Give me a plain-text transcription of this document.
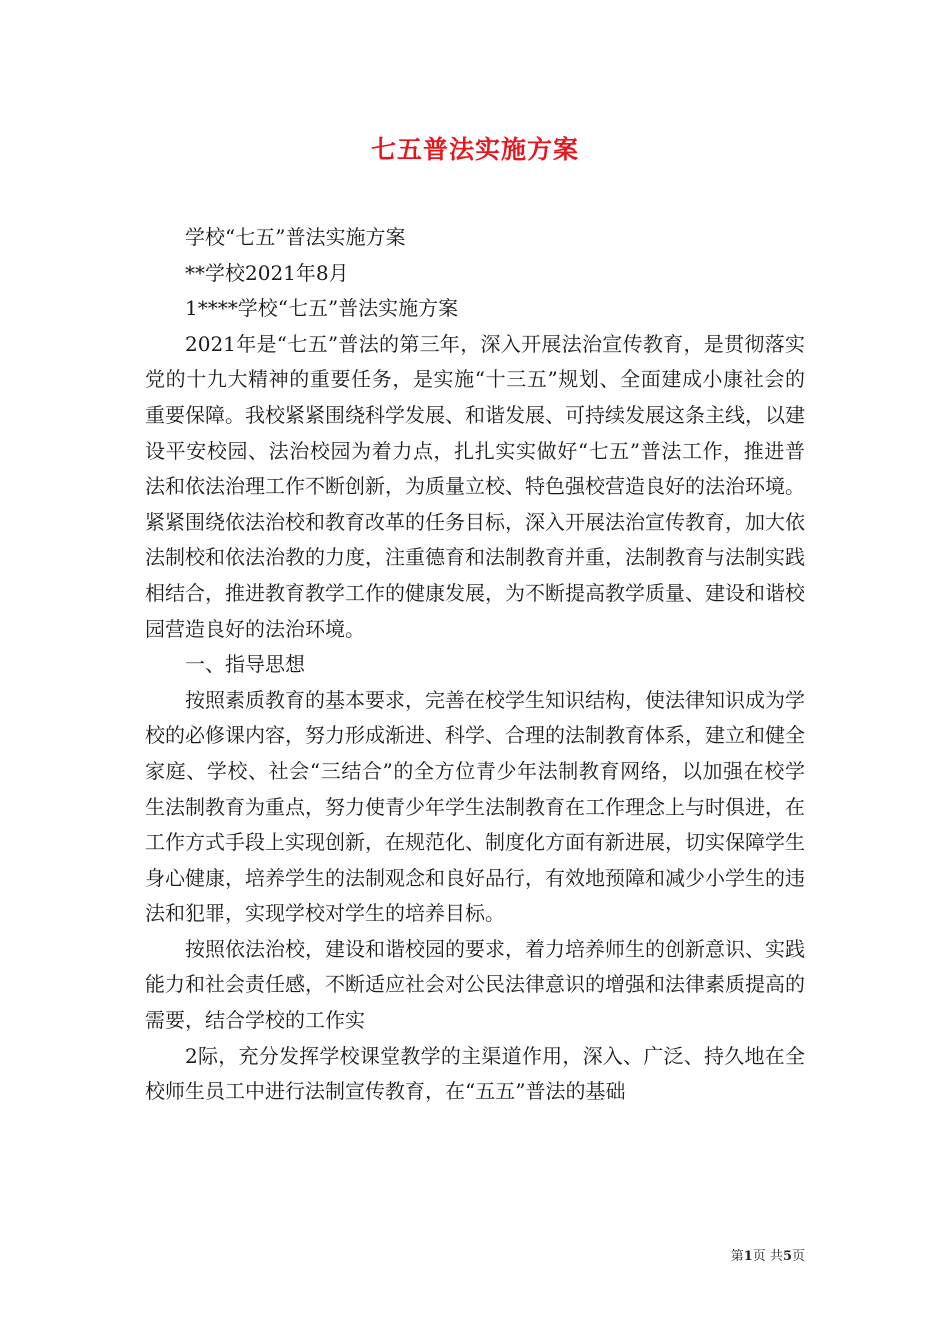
七五普法实施方案

学校“七五”普法实施方案

**学校2021年8月

1****学校“七五”普法实施方案

2021年是“七五”普法的第三年，深入开展法治宣传教育，是贯彻落实党的十九大精神的重要任务，是实施“十三五”规划、全面建成小康社会的重要保障。我校紧紧围绕科学发展、和谐发展、可持续发展这条主线，以建设平安校园、法治校园为着力点，扎扎实实做好“七五”普法工作，推进普法和依法治理工作不断创新，为质量立校、特色强校营造良好的法治环境。紧紧围绕依法治校和教育改革的任务目标，深入开展法治宣传教育，加大依法制校和依法治教的力度，注重德育和法制教育并重，法制教育与法制实践相结合，推进教育教学工作的健康发展，为不断提高教学质量、建设和谐校园营造良好的法治环境。

一、指导思想

按照素质教育的基本要求，完善在校学生知识结构，使法律知识成为学校的必修课内容，努力形成渐进、科学、合理的法制教育体系，建立和健全家庭、学校、社会“三结合”的全方位青少年法制教育网络，以加强在校学生法制教育为重点，努力使青少年学生法制教育在工作理念上与时俱进，在工作方式手段上实现创新，在规范化、制度化方面有新进展，切实保障学生身心健康，培养学生的法制观念和良好品行，有效地预障和减少小学生的违法和犯罪，实现学校对学生的培养目标。

按照依法治校，建设和谐校园的要求，着力培养师生的创新意识、实践能力和社会责任感，不断适应社会对公民法律意识的增强和法律素质提高的需要，结合学校的工作实

2际，充分发挥学校课堂教学的主渠道作用，深入、广泛、持久地在全校师生员工中进行法制宣传教育，在“五五”普法的基础

第1页 共5页
